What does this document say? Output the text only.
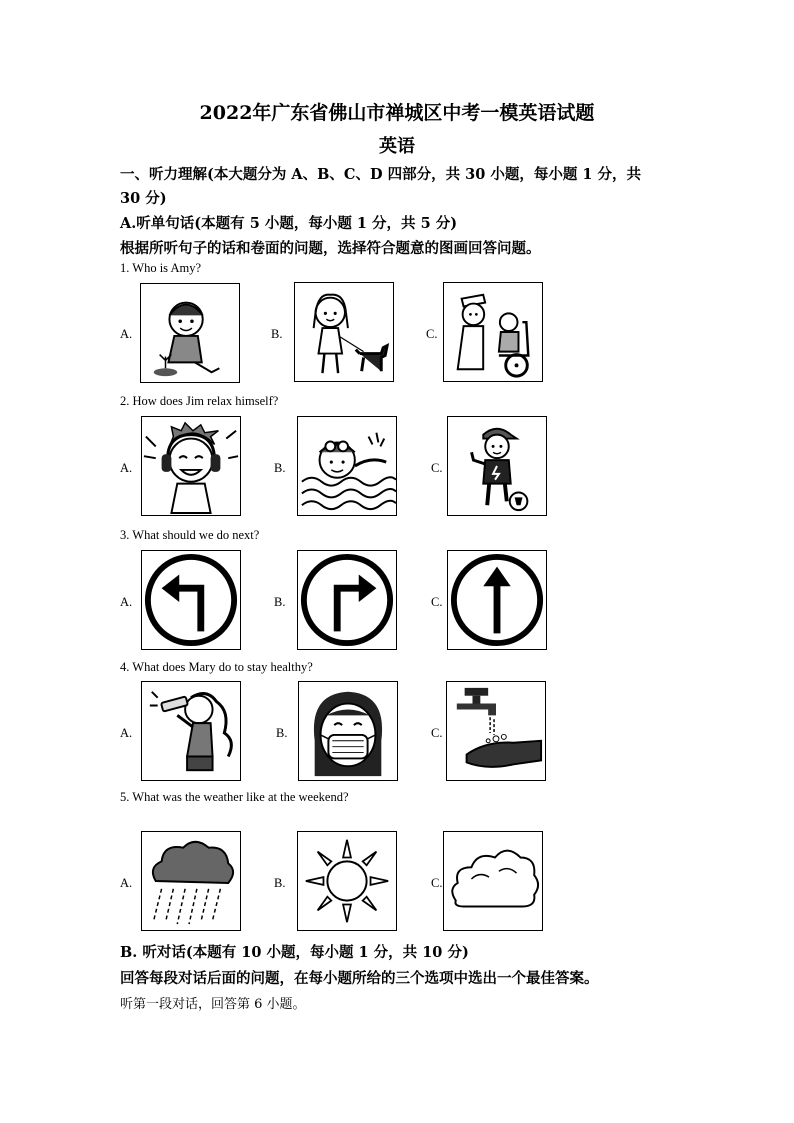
2022年广东省佛山市禅城区中考一模英语试题
英语
一、听力理解(本大题分为 A、B、C、D 四部分，共 30 小题，每小题 1 分，共
30 分)
A.听单句话(本题有 5 小题，每小题 1 分，共 5 分)
根据所听句子的话和卷面的问题，选择符合题意的图画回答问题。
1. Who is Amy?
A.	B.	C.
2. How does Jim relax himself?
A.	B.	C.
3. What should we do next?
A.	B.	C.
4. What does Mary do to stay healthy?
A.	B.	C.
5. What was the weather like at the weekend?
A.	B.	C.
B. 听对话(本题有 10 小题，每小题 1 分，共 10 分)
回答每段对话后面的问题，在每小题所给的三个选项中选出一个最佳答案。
听第一段对话，回答第 6 小题。
